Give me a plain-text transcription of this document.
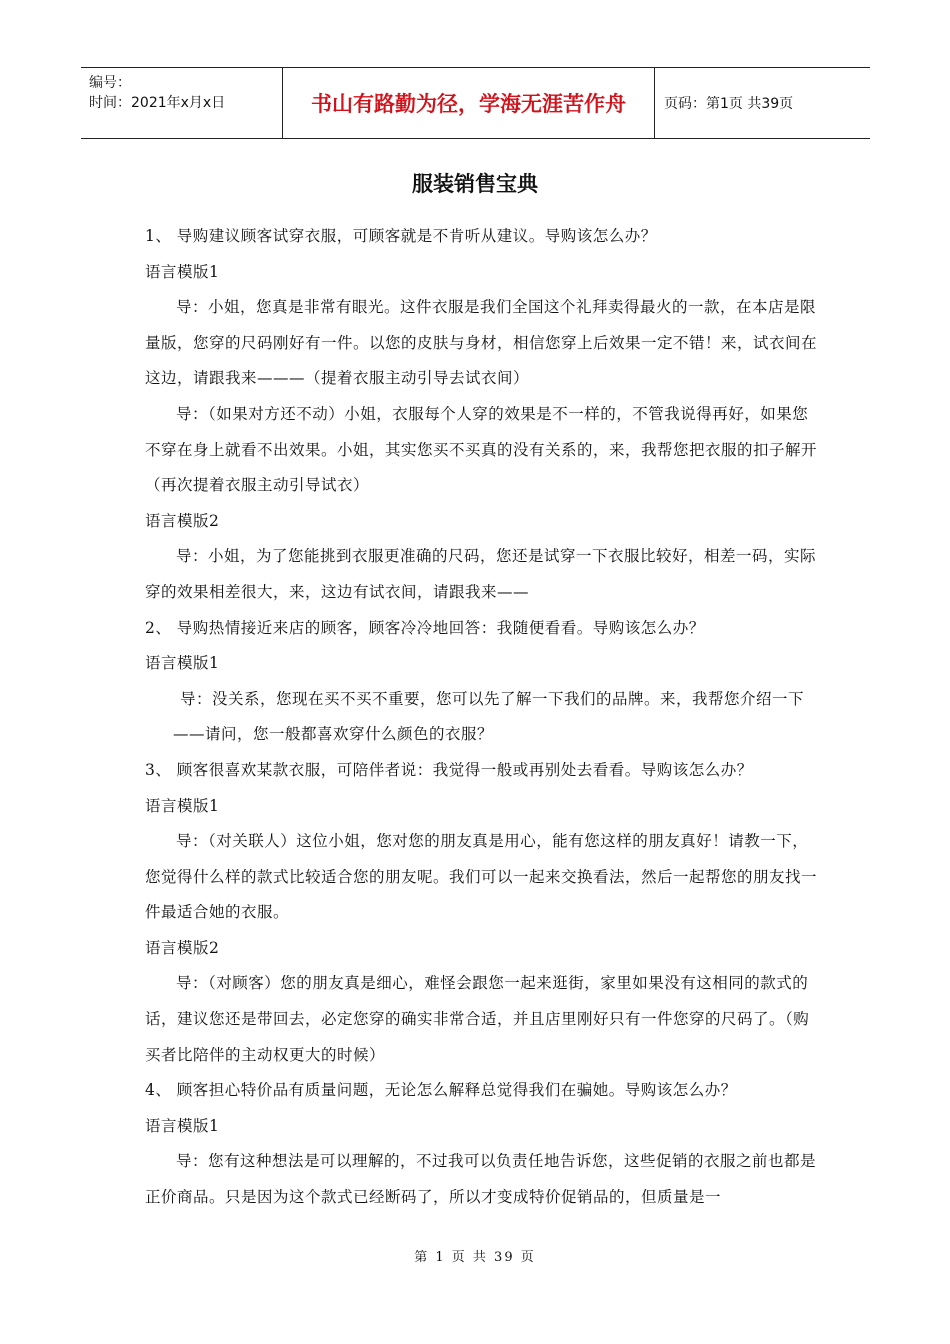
编号：
时间：2021年x月x日	书山有路勤为径，学海无涯苦作舟	页码：第1页 共39页
服装销售宝典

1、 导购建议顾客试穿衣服，可顾客就是不肯听从建议。导购该怎么办？

语言模版1

导：小姐，您真是非常有眼光。这件衣服是我们全国这个礼拜卖得最火的一款，在本店是限量版，您穿的尺码刚好有一件。以您的皮肤与身材，相信您穿上后效果一定不错！来，试衣间在这边，请跟我来———（提着衣服主动引导去试衣间）

导：（如果对方还不动）小姐，衣服每个人穿的效果是不一样的，不管我说得再好，如果您不穿在身上就看不出效果。小姐，其实您买不买真的没有关系的，来，我帮您把衣服的扣子解开（再次提着衣服主动引导试衣）

语言模版2

导：小姐，为了您能挑到衣服更准确的尺码，您还是试穿一下衣服比较好，相差一码，实际穿的效果相差很大，来，这边有试衣间，请跟我来——

2、 导购热情接近来店的顾客，顾客冷冷地回答：我随便看看。导购该怎么办？

语言模版1

导：没关系，您现在买不买不重要，您可以先了解一下我们的品牌。来，我帮您介绍一下——请问，您一般都喜欢穿什么颜色的衣服？

3、 顾客很喜欢某款衣服，可陪伴者说：我觉得一般或再别处去看看。导购该怎么办？

语言模版1

导：（对关联人）这位小姐，您对您的朋友真是用心，能有您这样的朋友真好！请教一下，您觉得什么样的款式比较适合您的朋友呢。我们可以一起来交换看法，然后一起帮您的朋友找一件最适合她的衣服。

语言模版2

导：（对顾客）您的朋友真是细心，难怪会跟您一起来逛街，家里如果没有这相同的款式的话，建议您还是带回去，必定您穿的确实非常合适，并且店里刚好只有一件您穿的尺码了。（购买者比陪伴的主动权更大的时候）

4、 顾客担心特价品有质量问题，无论怎么解释总觉得我们在骗她。导购该怎么办？

语言模版1

导：您有这种想法是可以理解的，不过我可以负责任地告诉您，这些促销的衣服之前也都是正价商品。只是因为这个款式已经断码了，所以才变成特价促销品的，但质量是一

第 1 页 共 39 页
